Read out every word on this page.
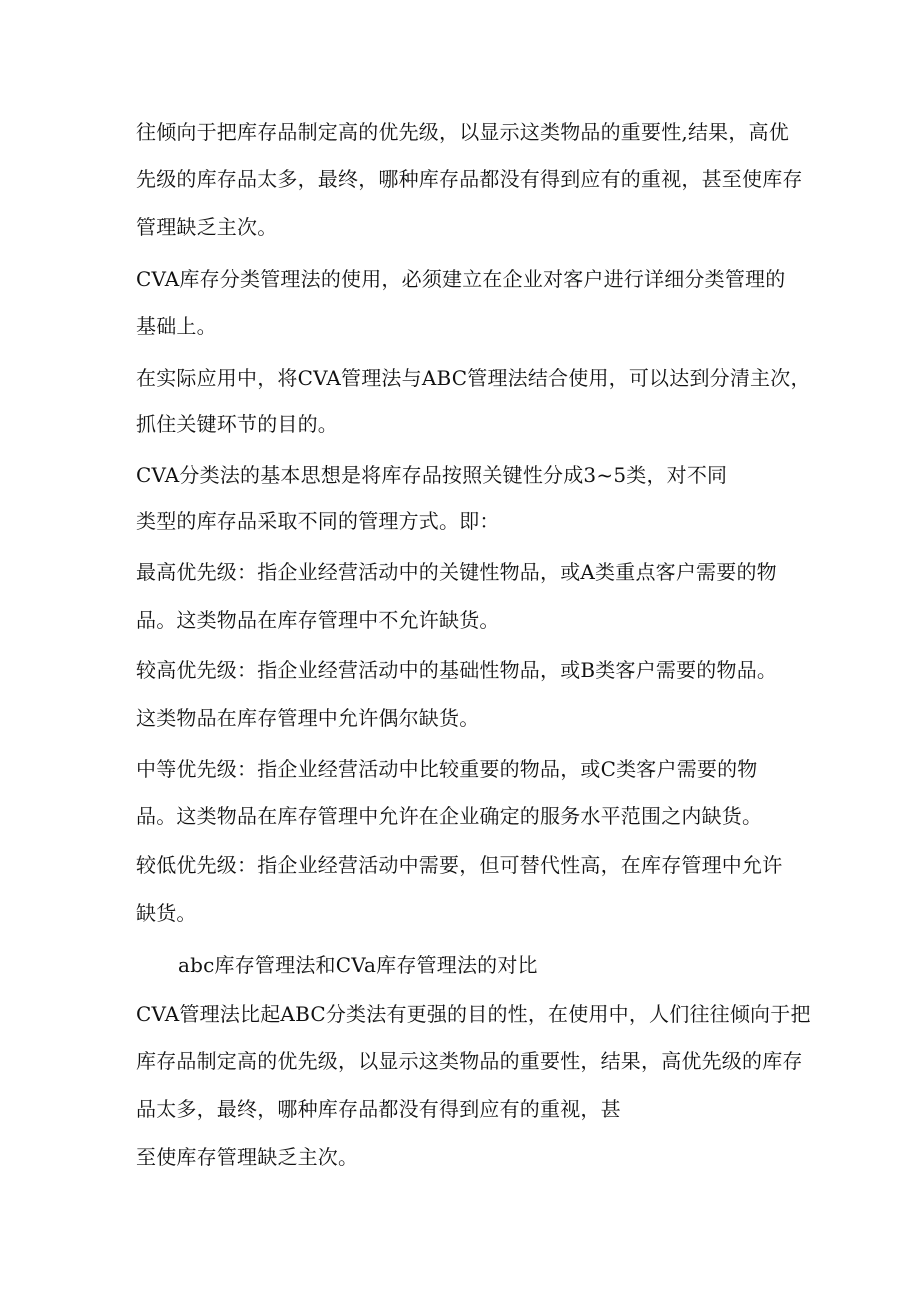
往倾向于把库存品制定高的优先级，以显示这类物品的重要性,结果，高优
先级的库存品太多，最终，哪种库存品都没有得到应有的重视，甚至使库存
管理缺乏主次。
CVA库存分类管理法的使用，必须建立在企业对客户进行详细分类管理的
基础上。
在实际应用中，将CVA管理法与ABC管理法结合使用，可以达到分清主次，
抓住关键环节的目的。
CVA分类法的基本思想是将库存品按照关键性分成3~5类，对不同
类型的库存品采取不同的管理方式。即：
最高优先级：指企业经营活动中的关键性物品，或A类重点客户需要的物
品。这类物品在库存管理中不允许缺货。
较高优先级：指企业经营活动中的基础性物品，或B类客户需要的物品。
这类物品在库存管理中允许偶尔缺货。
中等优先级：指企业经营活动中比较重要的物品，或C类客户需要的物
品。这类物品在库存管理中允许在企业确定的服务水平范围之内缺货。
较低优先级：指企业经营活动中需要，但可替代性高，在库存管理中允许
缺货。
abc库存管理法和CVa库存管理法的对比
CVA管理法比起ABC分类法有更强的目的性，在使用中，人们往往倾向于把
库存品制定高的优先级，以显示这类物品的重要性，结果，高优先级的库存
品太多，最终，哪种库存品都没有得到应有的重视，甚
至使库存管理缺乏主次。
